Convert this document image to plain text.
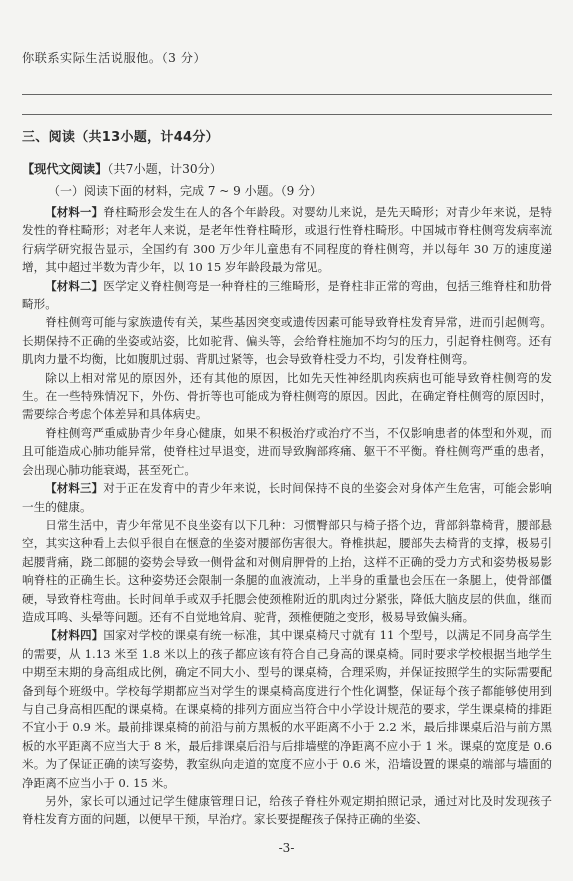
你联系实际生活说服他。（3 分）
三、阅读（共13小题，计44分）
【现代文阅读】（共7小题，计30分）
（一）阅读下面的材料，完成 7 ~ 9 小题。（9 分）

【材料一】脊柱畸形会发生在人的各个年龄段。对婴幼儿来说，是先天畸形；对青少年来说，是特发性的脊柱畸形；对老年人来说，是老年性脊柱畸形，或退行性脊柱畸形。中国城市脊柱侧弯发病率流行病学研究报告显示，全国约有 300 万少年儿童患有不同程度的脊柱侧弯，并以每年 30 万的速度递增，其中超过半数为青少年，以 10 15 岁年龄段最为常见。

【材料二】医学定义脊柱侧弯是一种脊柱的三维畸形，是脊柱非正常的弯曲，包括三维脊柱和肋骨畸形。

脊柱侧弯可能与家族遗传有关，某些基因突变或遗传因素可能导致脊柱发育异常，进而引起侧弯。长期保持不正确的坐姿或站姿，比如驼背、偏头等，会给脊柱施加不均匀的压力，引起脊柱侧弯。还有肌肉力量不均衡，比如腹肌过弱、背肌过紧等，也会导致脊柱受力不均，引发脊柱侧弯。

除以上相对常见的原因外，还有其他的原因，比如先天性神经肌肉疾病也可能导致脊柱侧弯的发生。在一些特殊情况下，外伤、骨折等也可能成为脊柱侧弯的原因。因此，在确定脊柱侧弯的原因时，需要综合考虑个体差异和具体病史。

脊柱侧弯严重威胁青少年身心健康，如果不积极治疗或治疗不当，不仅影响患者的体型和外观，而且可能造成心肺功能异常，使脊柱过早退变，进而导致胸部疼痛、躯干不平衡。脊柱侧弯严重的患者，会出现心肺功能衰竭，甚至死亡。

【材料三】对于正在发育中的青少年来说，长时间保持不良的坐姿会对身体产生危害，可能会影响一生的健康。

日常生活中，青少年常见不良坐姿有以下几种：习惯臀部只与椅子搭个边，背部斜靠椅背，腰部悬空，其实这种看上去似乎很自在惬意的坐姿对腰部伤害很大。脊椎拱起，腰部失去椅背的支撑，极易引起腰背痛，跷二郎腿的姿势会导致一侧骨盆和对侧肩胛骨的上抬，这样不正确的受力方式和姿势极易影响脊柱的正确生长。这种姿势还会限制一条腿的血液流动，上半身的重量也会压在一条腿上，使骨部僵硬，导致脊柱弯曲。长时间单手或双手托腮会使颈椎附近的肌肉过分紧张，降低大脑皮层的供血，继而造成耳鸣、头晕等问题。还有不自觉地耸肩、驼背，颈椎便随之变形，极易导致偏头痛。

【材料四】国家对学校的课桌有统一标准，其中课桌椅尺寸就有 11 个型号，以满足不同身高学生的需要，从 1.13 米至 1.8 米以上的孩子都应该有符合自己身高的课桌椅。同时要求学校根据当地学生中期至末期的身高组成比例，确定不同大小、型号的课桌椅，合理采购，并保证按照学生的实际需要配备到每个班级中。学校每学期都应当对学生的课桌椅高度进行个性化调整，保证每个孩子都能够使用到与自己身高相匹配的课桌椅。在课桌椅的排列方面应当符合中小学设计规范的要求，学生课桌椅的排距不宜小于 0.9 米。最前排课桌椅的前沿与前方黑板的水平距离不小于 2.2 米，最后排课桌后沿与前方黑板的水平距离不应当大于 8 米，最后排课桌后沿与后排墙壁的净距离不应小于 1 米。课桌的宽度是 0.6 米。为了保证正确的读写姿势，教室纵向走道的宽度不应小于 0.6 米，沿墙设置的课桌的端部与墙面的净距离不应当小于 0. 15 米。

另外，家长可以通过记学生健康管理日记，给孩子脊柱外观定期拍照记录，通过对比及时发现孩子脊柱发育方面的问题，以便早干预，早治疗。家长要提醒孩子保持正确的坐姿、

-3-
